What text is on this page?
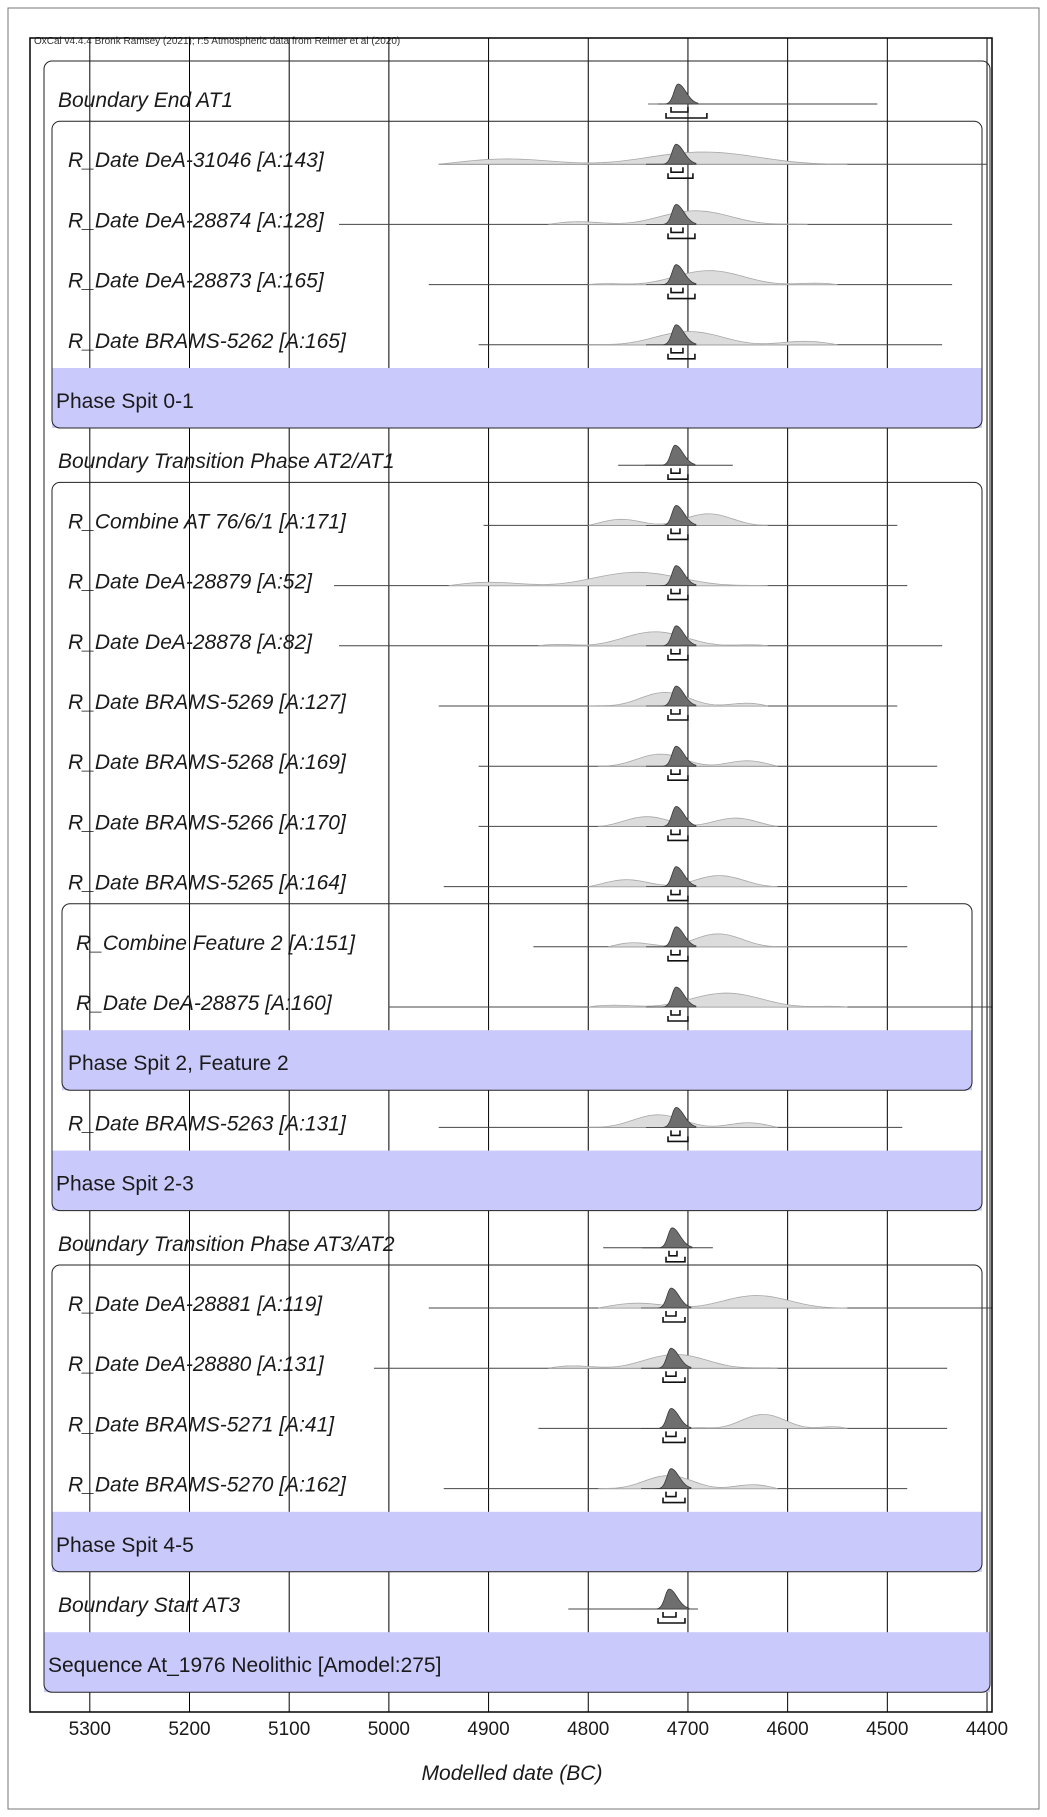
OxCal v4.4.4 Bronk Ramsey (2021); r:5 Atmospheric data from Reimer et al (2020)
Boundary End AT1
R_Date DeA-31046 [A:143]
R_Date DeA-28874 [A:128]
R_Date DeA-28873 [A:165]
R_Date BRAMS-5262 [A:165]
Phase Spit 0-1
Boundary Transition Phase AT2/AT1
R_Combine AT 76/6/1 [A:171]
R_Date DeA-28879 [A:52]
R_Date DeA-28878 [A:82]
R_Date BRAMS-5269 [A:127]
R_Date BRAMS-5268 [A:169]
R_Date BRAMS-5266 [A:170]
R_Date BRAMS-5265 [A:164]
R_Combine Feature 2 [A:151]
R_Date DeA-28875 [A:160]
Phase Spit 2, Feature 2
R_Date BRAMS-5263 [A:131]
Phase Spit 2-3
Boundary Transition Phase AT3/AT2
R_Date DeA-28881 [A:119]
R_Date DeA-28880 [A:131]
R_Date BRAMS-5271 [A:41]
R_Date BRAMS-5270 [A:162]
Phase Spit 4-5
Boundary Start AT3
Sequence At_1976 Neolithic [Amodel:275]
5300	5200	5100	5000	4900	4800	4700	4600	4500	4400
Modelled date (BC)
